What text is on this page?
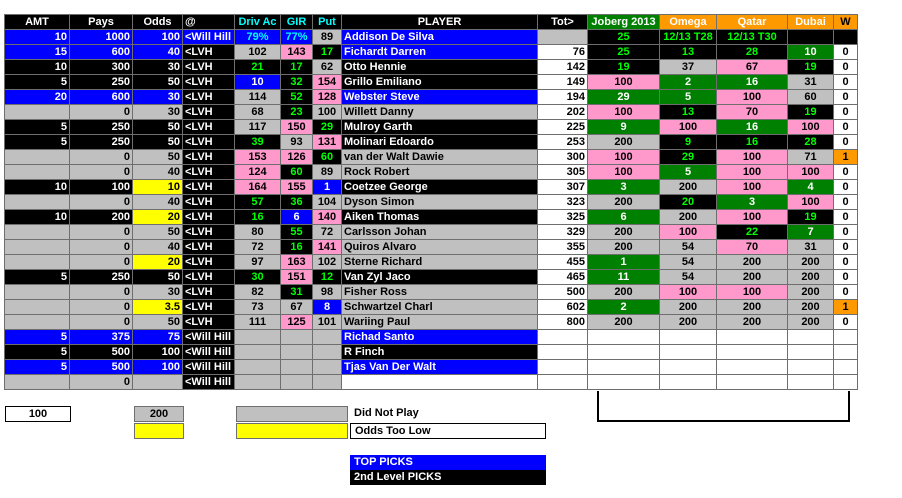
AMT	Pays	Odds	@	Driv Ac	GIR	Put	PLAYER	Tot>	Joberg 2013	Omega	Qatar	Dubai	W
10	1000	100	<Will Hill	79%	77%	89	Addison De Silva		25	12/13 T28	12/13 T30		
15	600	40	<LVH	102	143	17	Fichardt Darren	76	25	13	28	10	0
10	300	30	<LVH	21	17	62	Otto Hennie	142	19	37	67	19	0
5	250	50	<LVH	10	32	154	Grillo Emiliano	149	100	2	16	31	0
20	600	30	<LVH	114	52	128	Webster Steve	194	29	5	100	60	0
	0	30	<LVH	68	23	100	Willett Danny	202	100	13	70	19	0
5	250	50	<LVH	117	150	29	Mulroy Garth	225	9	100	16	100	0
5	250	50	<LVH	39	93	131	Molinari Edoardo	253	200	9	16	28	0
	0	50	<LVH	153	126	60	van der Walt Dawie	300	100	29	100	71	1
	0	40	<LVH	124	60	89	Rock Robert	305	100	5	100	100	0
10	100	10	<LVH	164	155	1	Coetzee George	307	3	200	100	4	0
	0	40	<LVH	57	36	104	Dyson Simon	323	200	20	3	100	0
10	200	20	<LVH	16	6	140	Aiken Thomas	325	6	200	100	19	0
	0	50	<LVH	80	55	72	Carlsson Johan	329	200	100	22	7	0
	0	40	<LVH	72	16	141	Quiros Alvaro	355	200	54	70	31	0
	0	20	<LVH	97	163	102	Sterne Richard	455	1	54	200	200	0
5	250	50	<LVH	30	151	12	Van Zyl Jaco	465	11	54	200	200	0
	0	30	<LVH	82	31	98	Fisher Ross	500	200	100	100	200	0
	0	3.5	<LVH	73	67	8	Schwartzel Charl	602	2	200	200	200	1
	0	50	<LVH	111	125	101	Wariing Paul	800	200	200	200	200	0
5	375	75	<Will Hill				Richad Santo						
5	500	100	<Will Hill				R Finch						
5	500	100	<Will Hill				Tjas Van Der Walt						
	0		<Will Hill										
100	200	Did Not Play
Odds Too Low
TOP PICKS
2nd Level PICKS
